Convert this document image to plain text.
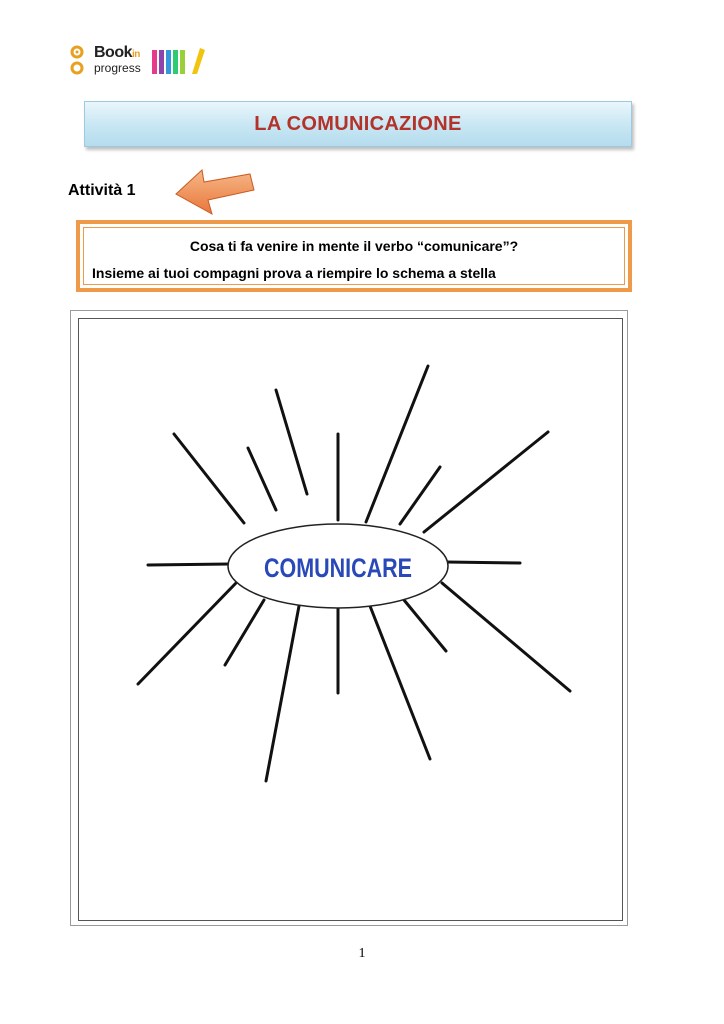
Bookin
progress
LA COMUNICAZIONE
Attività 1
Cosa ti fa venire in mente il verbo “comunicare”?
Insieme ai tuoi compagni prova a riempire lo schema a stella
COMUNICARE
1
